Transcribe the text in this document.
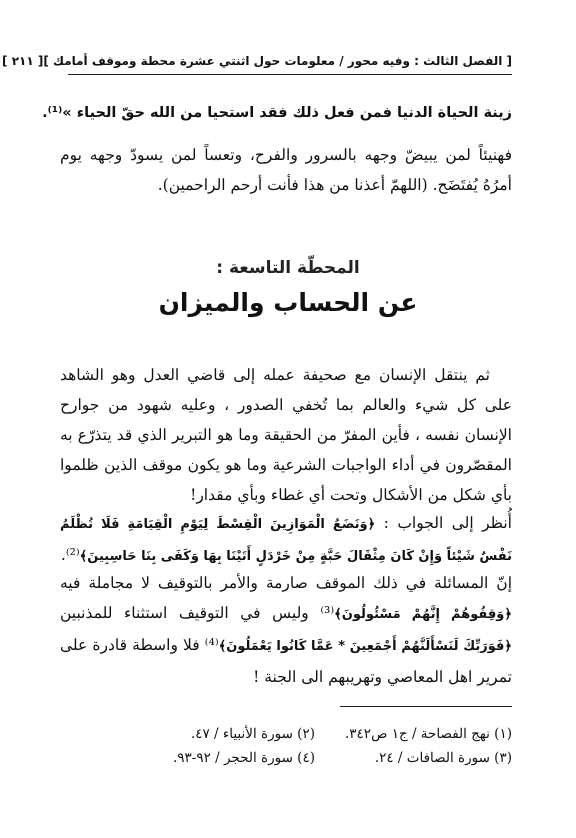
[ الفصل الثالث : وفيه محور / معلومات حول اثنتي عشرة محطة وموقف أمامك ]
[ ٢١١ ]
زينة الحياة الدنيا فمن فعل ذلك فقد استحيا من الله حقّ الحياء »⁽¹⁾.
فهنيئاً لمن يبيضّ وجهه بالسرور والفرح، وتعساً لمن يسودّ وجهه يوم أمرُهُ يُفتَضَح. (اللهمّ أعذنا من هذا فأنت أرحم الراحمين).
المحطّة التاسعة :
عن الحساب والميزان
ثم ينتقل الإنسان مع صحيفة عمله إلى قاضي العدل وهو الشاهد على كل شيء والعالم بما تُخفي الصدور ، وعليه شهود من جوارح الإنسان نفسه ، فأين المفرّ من الحقيقة وما هو التبرير الذي قد يتذرّع به المقصّرون في أداء الواجبات الشرعية وما هو يكون موقف الذين ظلموا بأي شكل من الأشكال وتحت أي غطاء وبأي مقدار!
أُنظر إلى الجواب : ﴿وَنَضَعُ الْمَوَازِينَ الْقِسْطَ لِيَوْمِ الْقِيَامَةِ فَلَا تُظْلَمُ نَفْسٌ شَيْئاً وَإِنْ كَانَ مِثْقَالَ حَبَّةٍ مِنْ خَرْدَلٍ أَتَيْنَا بِهَا وَكَفَى بِنَا حَاسِبِينَ﴾⁽²⁾.
إنّ المسائلة في ذلك الموقف صارمة والأمر بالتوقيف لا مجاملة فيه ﴿وَقِفُوهُمْ إِنَّهُمْ مَسْئُولُونَ﴾⁽³⁾ وليس في التوقيف استثناء للمذنبين ﴿فَوَرَبِّكَ لَنَسْأَلَنَّهُمْ أَجْمَعِينَ * عَمَّا كَانُوا يَعْمَلُونَ﴾⁽⁴⁾ فلا واسطة قادرة على تمرير اهل المعاصي وتهريبهم الى الجنة !
(١) نهج الفصاحة / ج١ ص٣٤٢.
(٢) سورة الأنبياء / ٤٧.
(٣) سورة الصافات / ٢٤.
(٤) سورة الحجر / ٩٢-٩٣.
